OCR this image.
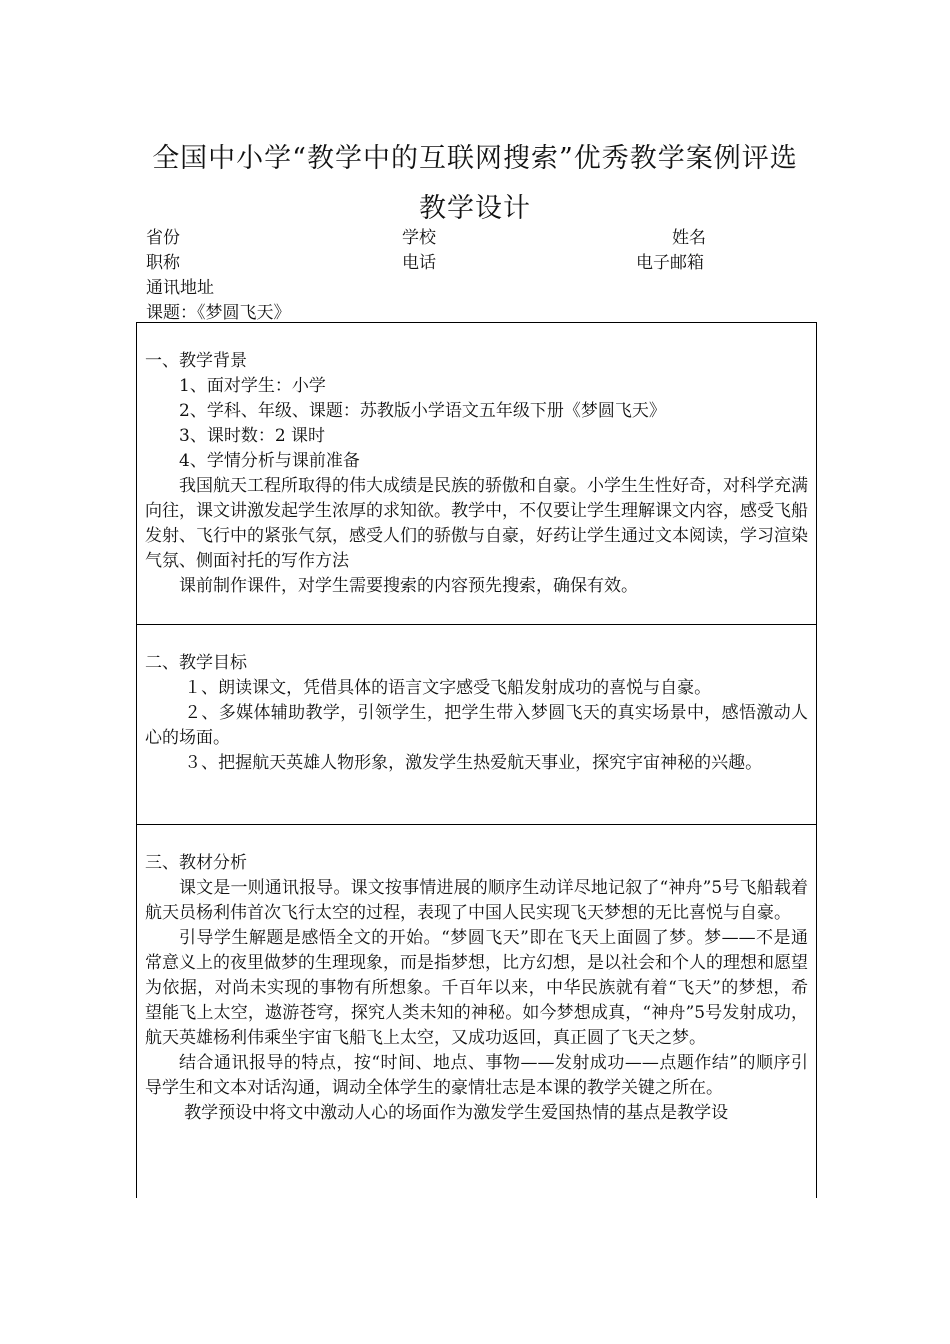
全国中小学“教学中的互联网搜索”优秀教学案例评选
教学设计
省份	学校	姓名
职称	电话	电子邮箱
通讯地址
课题：《梦圆飞天》

一、教学背景

1、面对学生：小学

2、学科、年级、课题：苏教版小学语文五年级下册《梦圆飞天》

3、课时数：2 课时

4、学情分析与课前准备

我国航天工程所取得的伟大成绩是民族的骄傲和自豪。小学生生性好奇，对科学充满向往，课文讲激发起学生浓厚的求知欲。教学中，不仅要让学生理解课文内容，感受飞船发射、飞行中的紧张气氛，感受人们的骄傲与自豪，好药让学生通过文本阅读，学习渲染气氛、侧面衬托的写作方法

课前制作课件，对学生需要搜索的内容预先搜索，确保有效。

二、教学目标

１、朗读课文，凭借具体的语言文字感受飞船发射成功的喜悦与自豪。

２、多媒体辅助教学，引领学生，把学生带入梦圆飞天的真实场景中，感悟激动人心的场面。

３、把握航天英雄人物形象，激发学生热爱航天事业，探究宇宙神秘的兴趣。

三、教材分析

课文是一则通讯报导。课文按事情进展的顺序生动详尽地记叙了“神舟”5号飞船载着航天员杨利伟首次飞行太空的过程，表现了中国人民实现飞天梦想的无比喜悦与自豪。

引导学生解题是感悟全文的开始。“梦圆飞天”即在飞天上面圆了梦。梦——不是通常意义上的夜里做梦的生理现象，而是指梦想，比方幻想，是以社会和个人的理想和愿望为依据，对尚未实现的事物有所想象。千百年以来，中华民族就有着“飞天”的梦想，希望能飞上太空，遨游苍穹，探究人类未知的神秘。如今梦想成真，“神舟”5号发射成功，航天英雄杨利伟乘坐宇宙飞船飞上太空，又成功返回，真正圆了飞天之梦。

结合通讯报导的特点，按“时间、地点、事物——发射成功——点题作结”的顺序引导学生和文本对话沟通，调动全体学生的豪情壮志是本课的教学关键之所在。

教学预设中将文中激动人心的场面作为激发学生爱国热情的基点是教学设
